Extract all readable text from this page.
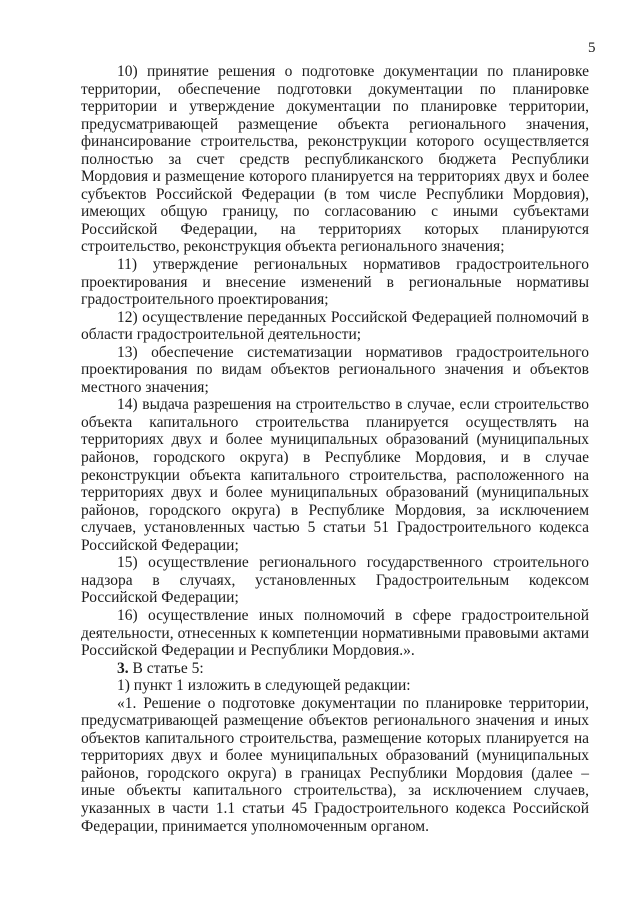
5

10) принятие решения о подготовке документации по планировке территории, обеспечение подготовки документации по планировке территории и утверждение документации по планировке территории, предусматривающей размещение объекта регионального значения, финансирование строительства, реконструкции которого осуществляется полностью за счет средств республиканского бюджета Республики Мордовия и размещение которого планируется на территориях двух и более субъектов Российской Федерации (в том числе Республики Мордовия), имеющих общую границу, по согласованию с иными субъектами Российской Федерации, на территориях которых планируются строительство, реконструкция объекта регионального значения;

11) утверждение региональных нормативов градостроительного проектирования и внесение изменений в региональные нормативы градостроительного проектирования;

12) осуществление переданных Российской Федерацией полномочий в области градостроительной деятельности;

13) обеспечение систематизации нормативов градостроительного проектирования по видам объектов регионального значения и объектов местного значения;

14) выдача разрешения на строительство в случае, если строительство объекта капитального строительства планируется осуществлять на территориях двух и более муниципальных образований (муниципальных районов, городского округа) в Республике Мордовия, и в случае реконструкции объекта капитального строительства, расположенного на территориях двух и более муниципальных образований (муниципальных районов, городского округа) в Республике Мордовия, за исключением случаев, установленных частью 5 статьи 51 Градостроительного кодекса Российской Федерации;

15) осуществление регионального государственного строительного надзора в случаях, установленных Градостроительным кодексом Российской Федерации;

16) осуществление иных полномочий в сфере градостроительной деятельности, отнесенных к компетенции нормативными правовыми актами Российской Федерации и Республики Мордовия.».

3. В статье 5:

1) пункт 1 изложить в следующей редакции:

«1. Решение о подготовке документации по планировке территории, предусматривающей размещение объектов регионального значения и иных объектов капитального строительства, размещение которых планируется на территориях двух и более муниципальных образований (муниципальных районов, городского округа) в границах Республики Мордовия (далее – иные объекты капитального строительства), за исключением случаев, указанных в части 1.1 статьи 45 Градостроительного кодекса Российской Федерации, принимается уполномоченным органом.
